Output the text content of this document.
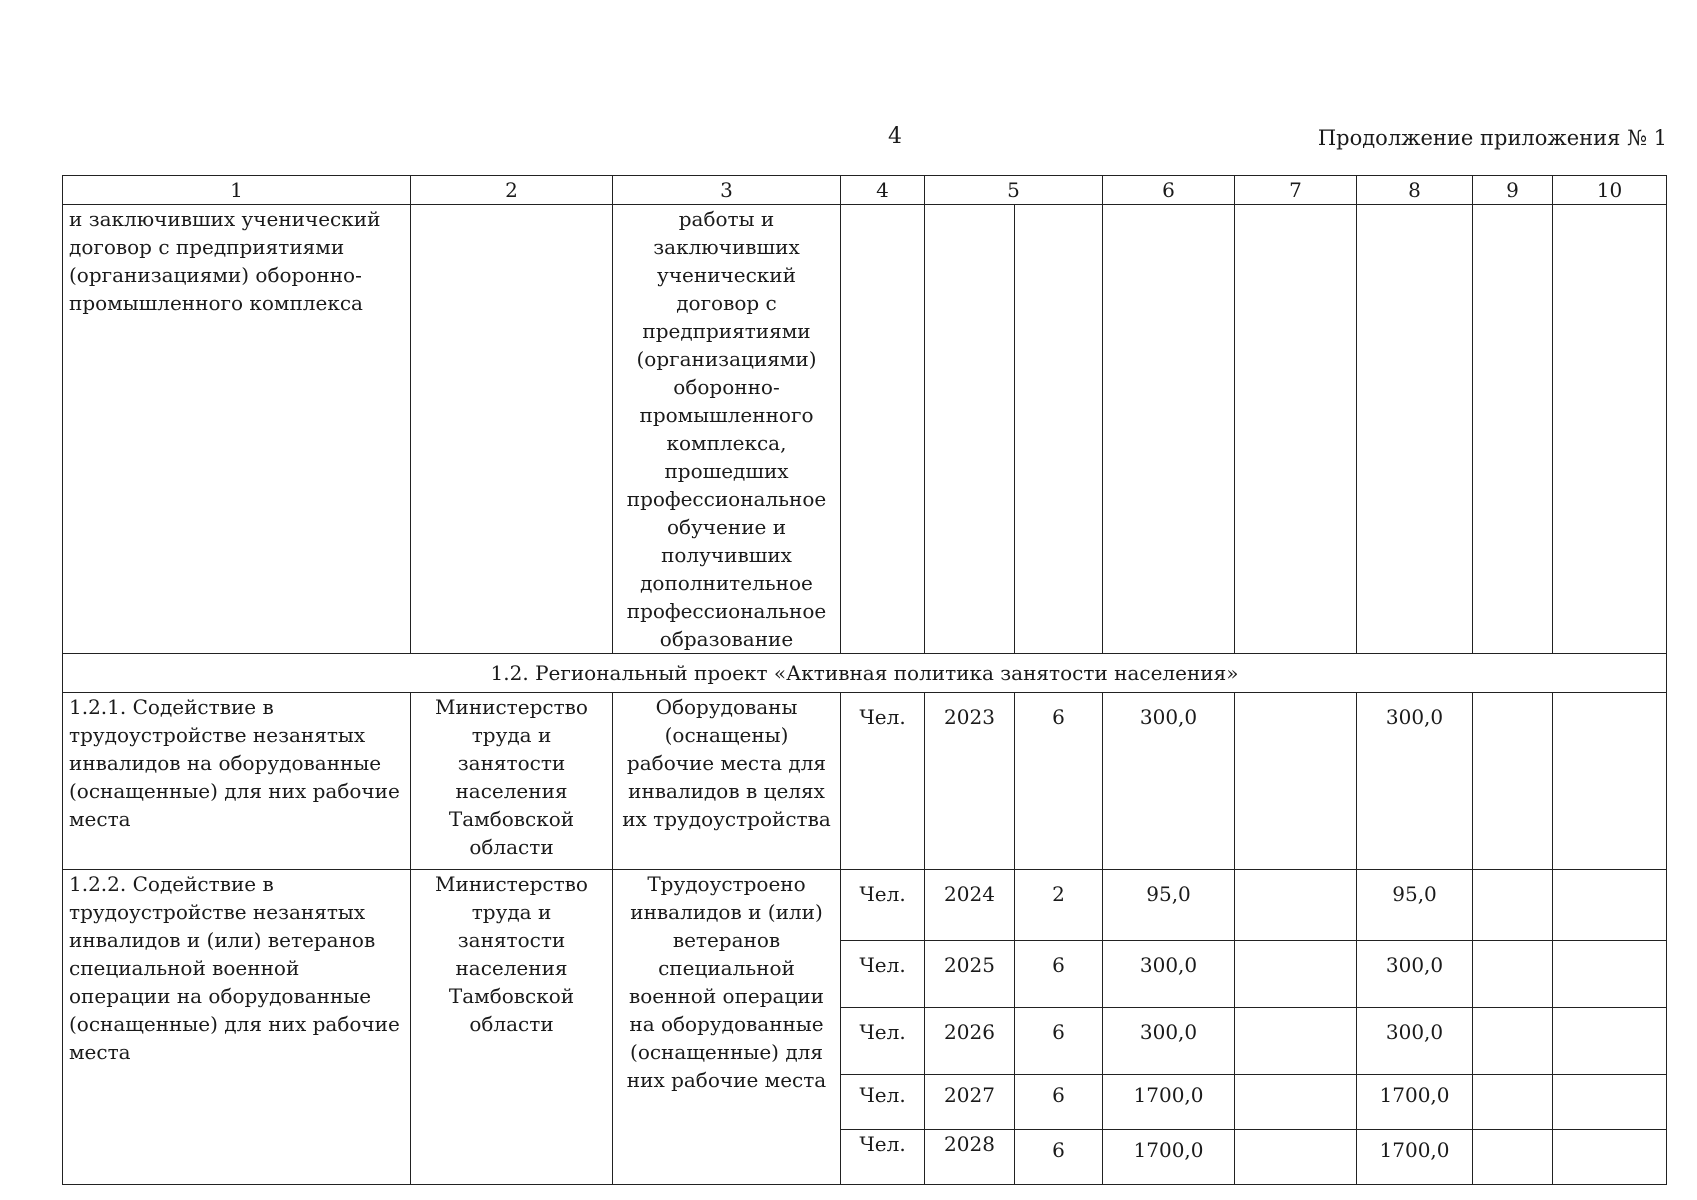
4	Продолжение приложения № 1
1	2	3	4	5		6	7	8	9	10
и заключивших ученический договор с предприятиями (организациями) оборонно-промышленного комплекса		работы и заключивших ученический договор с предприятиями (организациями) оборонно-промышленного комплекса, прошедших профессиональное обучение и получивших дополнительное профессиональное образование								
1.2. Региональный проект «Активная политика занятости населения»										
1.2.1. Содействие в трудоустройстве незанятых инвалидов на оборудованные (оснащенные) для них рабочие места	Министерство труда и занятости населения Тамбовской области	Оборудованы (оснащены) рабочие места для инвалидов в целях их трудоустройства	Чел.	2023	6	300,0		300,0		
1.2.2. Содействие в трудоустройстве незанятых инвалидов и (или) ветеранов специальной военной операции на оборудованные (оснащенные) для них рабочие места	Министерство труда и занятости населения Тамбовской области	Трудоустроено инвалидов и (или) ветеранов специальной военной операции на оборудованные (оснащенные) для них рабочие места	Чел.	2024	2	95,0		95,0		
			Чел.	2025	6	300,0		300,0		
			Чел.	2026	6	300,0		300,0		
			Чел.	2027	6	1700,0		1700,0		
			Чел.	2028	6	1700,0		1700,0		
